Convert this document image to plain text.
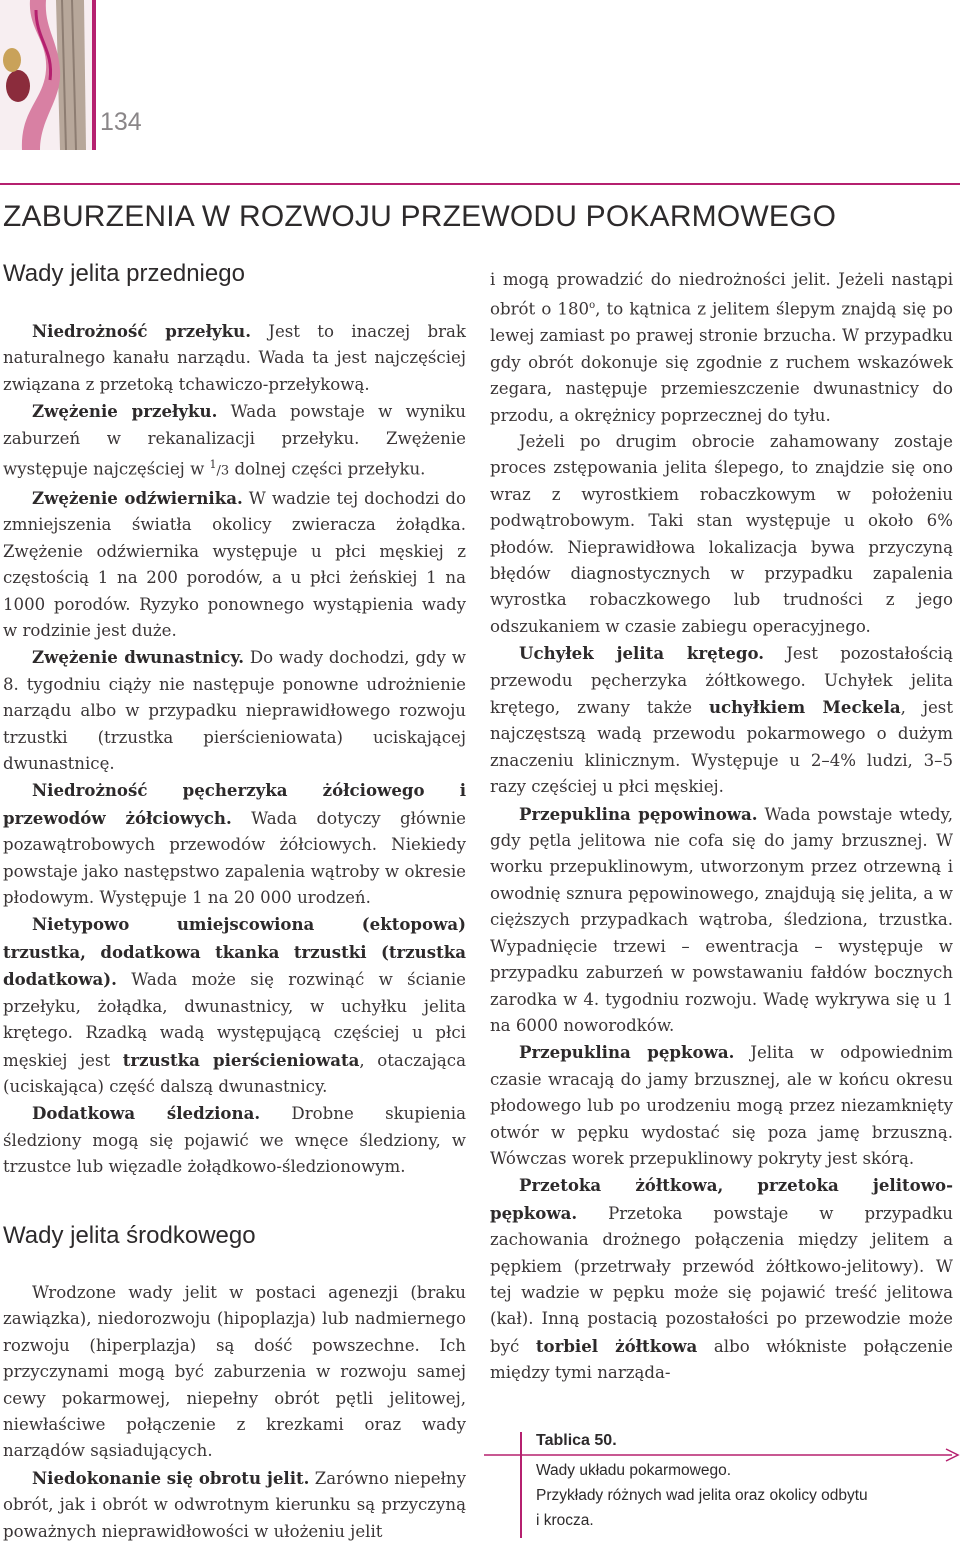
134
ZABURZENIA W ROZWOJU PRZEWODU POKARMOWEGO
Wady jelita przedniego

Niedrożność przełyku. Jest to inaczej brak naturalnego kanału narządu. Wada ta jest najczęściej związana z przetoką tchawiczo-przełykową.

Zwężenie przełyku. Wada powstaje w wyniku zaburzeń w rekanalizacji przełyku. Zwężenie występuje najczęściej w $^1$/3 dolnej części przełyku.

Zwężenie odźwiernika. W wadzie tej dochodzi do zmniejszenia światła okolicy zwieracza żołądka. Zwężenie odźwiernika występuje u płci męskiej z częstością 1 na 200 porodów, a u płci żeńskiej 1 na 1000 porodów. Ryzyko ponownego wystąpienia wady w rodzinie jest duże.

Zwężenie dwunastnicy. Do wady dochodzi, gdy w 8. tygodniu ciąży nie następuje ponowne udrożnienie narządu albo w przypadku nieprawidłowego rozwoju trzustki (trzustka pierścieniowata) uciskającej dwunastnicę.

Niedrożność pęcherzyka żółciowego i przewodów żółciowych. Wada dotyczy głównie pozawątrobowych przewodów żółciowych. Niekiedy powstaje jako następstwo zapalenia wątroby w okresie płodowym. Występuje 1 na 20 000 urodzeń.

Nietypowo umiejscowiona (ektopowa) trzustka, dodatkowa tkanka trzustki (trzustka dodatkowa). Wada może się rozwinąć w ścianie przełyku, żołądka, dwunastnicy, w uchyłku jelita krętego. Rzadką wadą występującą częściej u płci męskiej jest trzustka pierścieniowata, otaczająca (uciskająca) część dalszą dwunastnicy.

Dodatkowa śledziona. Drobne skupienia śledziony mogą się pojawić we wnęce śledziony, w trzustce lub więzadle żołądkowo-śledzionowym.

Wady jelita środkowego

Wrodzone wady jelit w postaci agenezji (braku zawiązka), niedorozwoju (hipoplazja) lub nadmiernego rozwoju (hiperplazja) są dość powszechne. Ich przyczynami mogą być zaburzenia w rozwoju samej cewy pokarmowej, niepełny obrót pętli jelitowej, niewłaściwe połączenie z krezkami oraz wady narządów sąsiadujących.

Niedokonanie się obrotu jelit. Zarówno niepełny obrót, jak i obrót w odwrotnym kierunku są przyczyną poważnych nieprawidłowości w ułożeniu jelit

i mogą prowadzić do niedrożności jelit. Jeżeli nastąpi obrót o 180$^o$, to kątnica z jelitem ślepym znajdą się po lewej zamiast po prawej stronie brzucha. W przypadku gdy obrót dokonuje się zgodnie z ruchem wskazówek zegara, następuje przemieszczenie dwunastnicy do przodu, a okrężnicy poprzecznej do tyłu.

Jeżeli po drugim obrocie zahamowany zostaje proces zstępowania jelita ślepego, to znajdzie się ono wraz z wyrostkiem robaczkowym w położeniu podwątrobowym. Taki stan występuje u około 6% płodów. Nieprawidłowa lokalizacja bywa przyczyną błędów diagnostycznych w przypadku zapalenia wyrostka robaczkowego lub trudności z jego odszukaniem w czasie zabiegu operacyjnego.

Uchyłek jelita krętego. Jest pozostałością przewodu pęcherzyka żółtkowego. Uchyłek jelita krętego, zwany także uchyłkiem Meckela, jest najczęstszą wadą przewodu pokarmowego o dużym znaczeniu klinicznym. Występuje u 2–4% ludzi, 3–5 razy częściej u płci męskiej.

Przepuklina pępowinowa. Wada powstaje wtedy, gdy pętla jelitowa nie cofa się do jamy brzusznej. W worku przepuklinowym, utworzonym przez otrzewną i owodnię sznura pępowinowego, znajdują się jelita, a w cięższych przypadkach wątroba, śledziona, trzustka. Wypadnięcie trzewi – ewentracja – występuje w przypadku zaburzeń w powstawaniu fałdów bocznych zarodka w 4. tygodniu rozwoju. Wadę wykrywa się u 1 na 6000 noworodków.

Przepuklina pępkowa. Jelita w odpowiednim czasie wracają do jamy brzusznej, ale w końcu okresu płodowego lub po urodzeniu mogą przez niezamknięty otwór w pępku wydostać się poza jamę brzuszną. Wówczas worek przepuklinowy pokryty jest skórą.

Przetoka żółtkowa, przetoka jelitowo-pępkowa. Przetoka powstaje w przypadku zachowania drożnego połączenia między jelitem a pępkiem (przetrwały przewód żółtkowo-jelitowy). W tej wadzie w pępku może się pojawić treść jelitowa (kał). Inną postacią pozostałości po przewodzie może być torbiel żółtkowa albo włókniste połączenie między tymi narząda-

Tablica 50.
Wady układu pokarmowego.
Przykłady różnych wad jelita oraz okolicy odbytu
i krocza.
